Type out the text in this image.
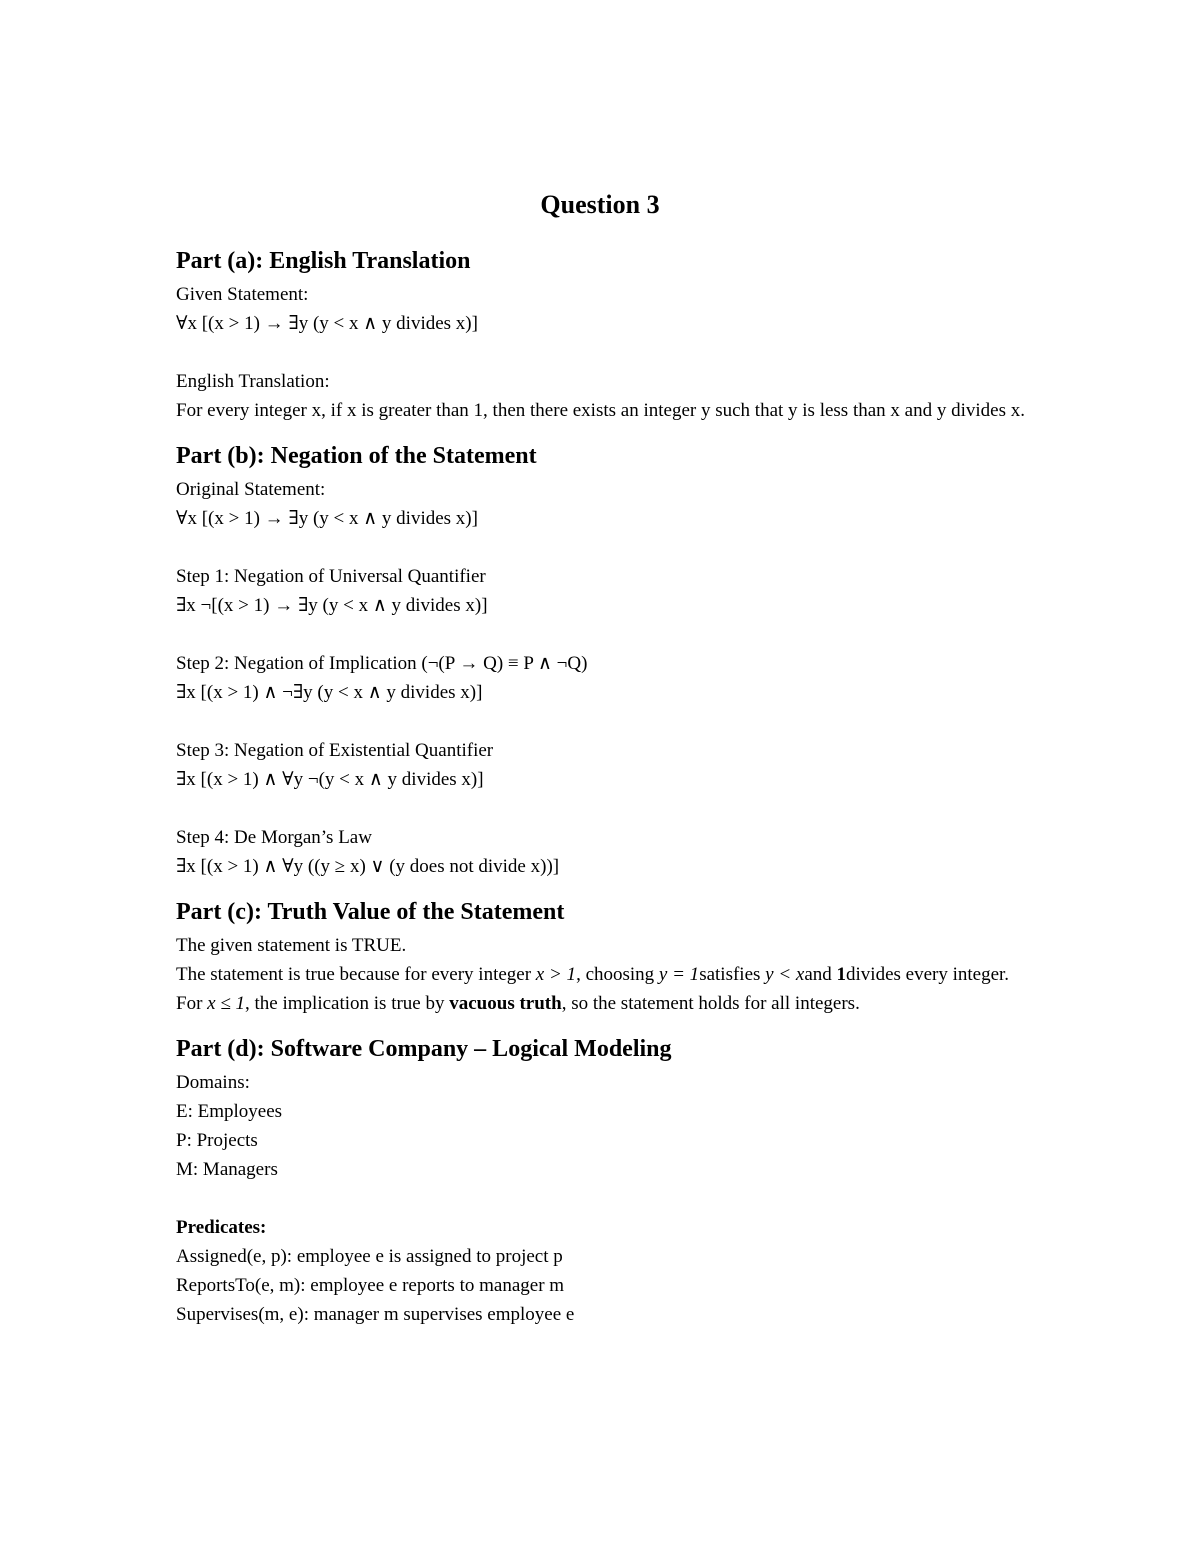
Question 3
Part (a): English Translation
Given Statement:
∀x [(x > 1) → ∃y (y < x ∧ y divides x)]
English Translation:
For every integer x, if x is greater than 1, then there exists an integer y such that y is less than x and y divides x.
Part (b): Negation of the Statement
Original Statement:
∀x [(x > 1) → ∃y (y < x ∧ y divides x)]
Step 1: Negation of Universal Quantifier
∃x ¬[(x > 1) → ∃y (y < x ∧ y divides x)]
Step 2: Negation of Implication (¬(P → Q) ≡ P ∧ ¬Q)
∃x [(x > 1) ∧ ¬∃y (y < x ∧ y divides x)]
Step 3: Negation of Existential Quantifier
∃x [(x > 1) ∧ ∀y ¬(y < x ∧ y divides x)]
Step 4: De Morgan’s Law
∃x [(x > 1) ∧ ∀y ((y ≥ x) ∨ (y does not divide x))]
Part (c): Truth Value of the Statement
The given statement is TRUE.
The statement is true because for every integer x > 1, choosing y = 1satisfies y < xand 1divides every integer. For x ≤ 1, the implication is true by vacuous truth, so the statement holds for all integers.
Part (d): Software Company – Logical Modeling
Domains:
E: Employees
P: Projects
M: Managers
Predicates:
Assigned(e, p): employee e is assigned to project p
ReportsTo(e, m): employee e reports to manager m
Supervises(m, e): manager m supervises employee e
